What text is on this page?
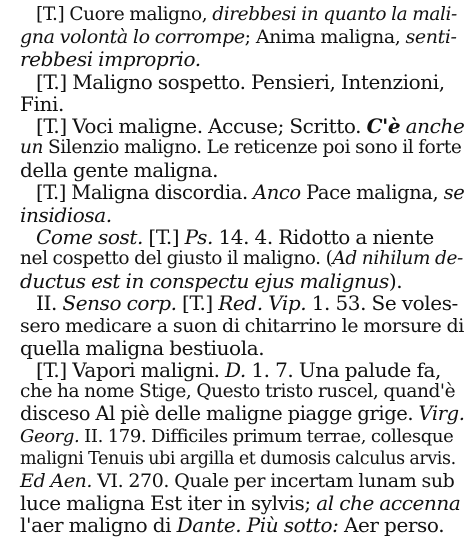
[T.] Cuore maligno, direbbesi in quanto la mali-
gna volontà lo corrompe; Anima maligna, senti-
rebbesi improprio.
[T.] Maligno sospetto. Pensieri, Intenzioni,
Fini.
[T.] Voci maligne. Accuse; Scritto. C'è anche
un Silenzio maligno. Le reticenze poi sono il forte
della gente maligna.
[T.] Maligna discordia. Anco Pace maligna, se
insidiosa.
Come sost. [T.] Ps. 14. 4. Ridotto a niente
nel cospetto del giusto il maligno. (Ad nihilum de-
ductus est in conspectu ejus malignus).
II. Senso corp. [T.] Red. Vip. 1. 53. Se voles-
sero medicare a suon di chitarrino le morsure di
quella maligna bestiuola.
[T.] Vapori maligni. D. 1. 7. Una palude fa,
che ha nome Stige, Questo tristo ruscel, quand'è
disceso Al piè delle maligne piagge grige. Virg.
Georg. II. 179. Difficiles primum terrae, collesque
maligni Tenuis ubi argilla et dumosis calculus arvis.
Ed Aen. VI. 270. Quale per incertam lunam sub
luce maligna Est iter in sylvis; al che accenna
l'aer maligno di Dante. Più sotto: Aer perso.
